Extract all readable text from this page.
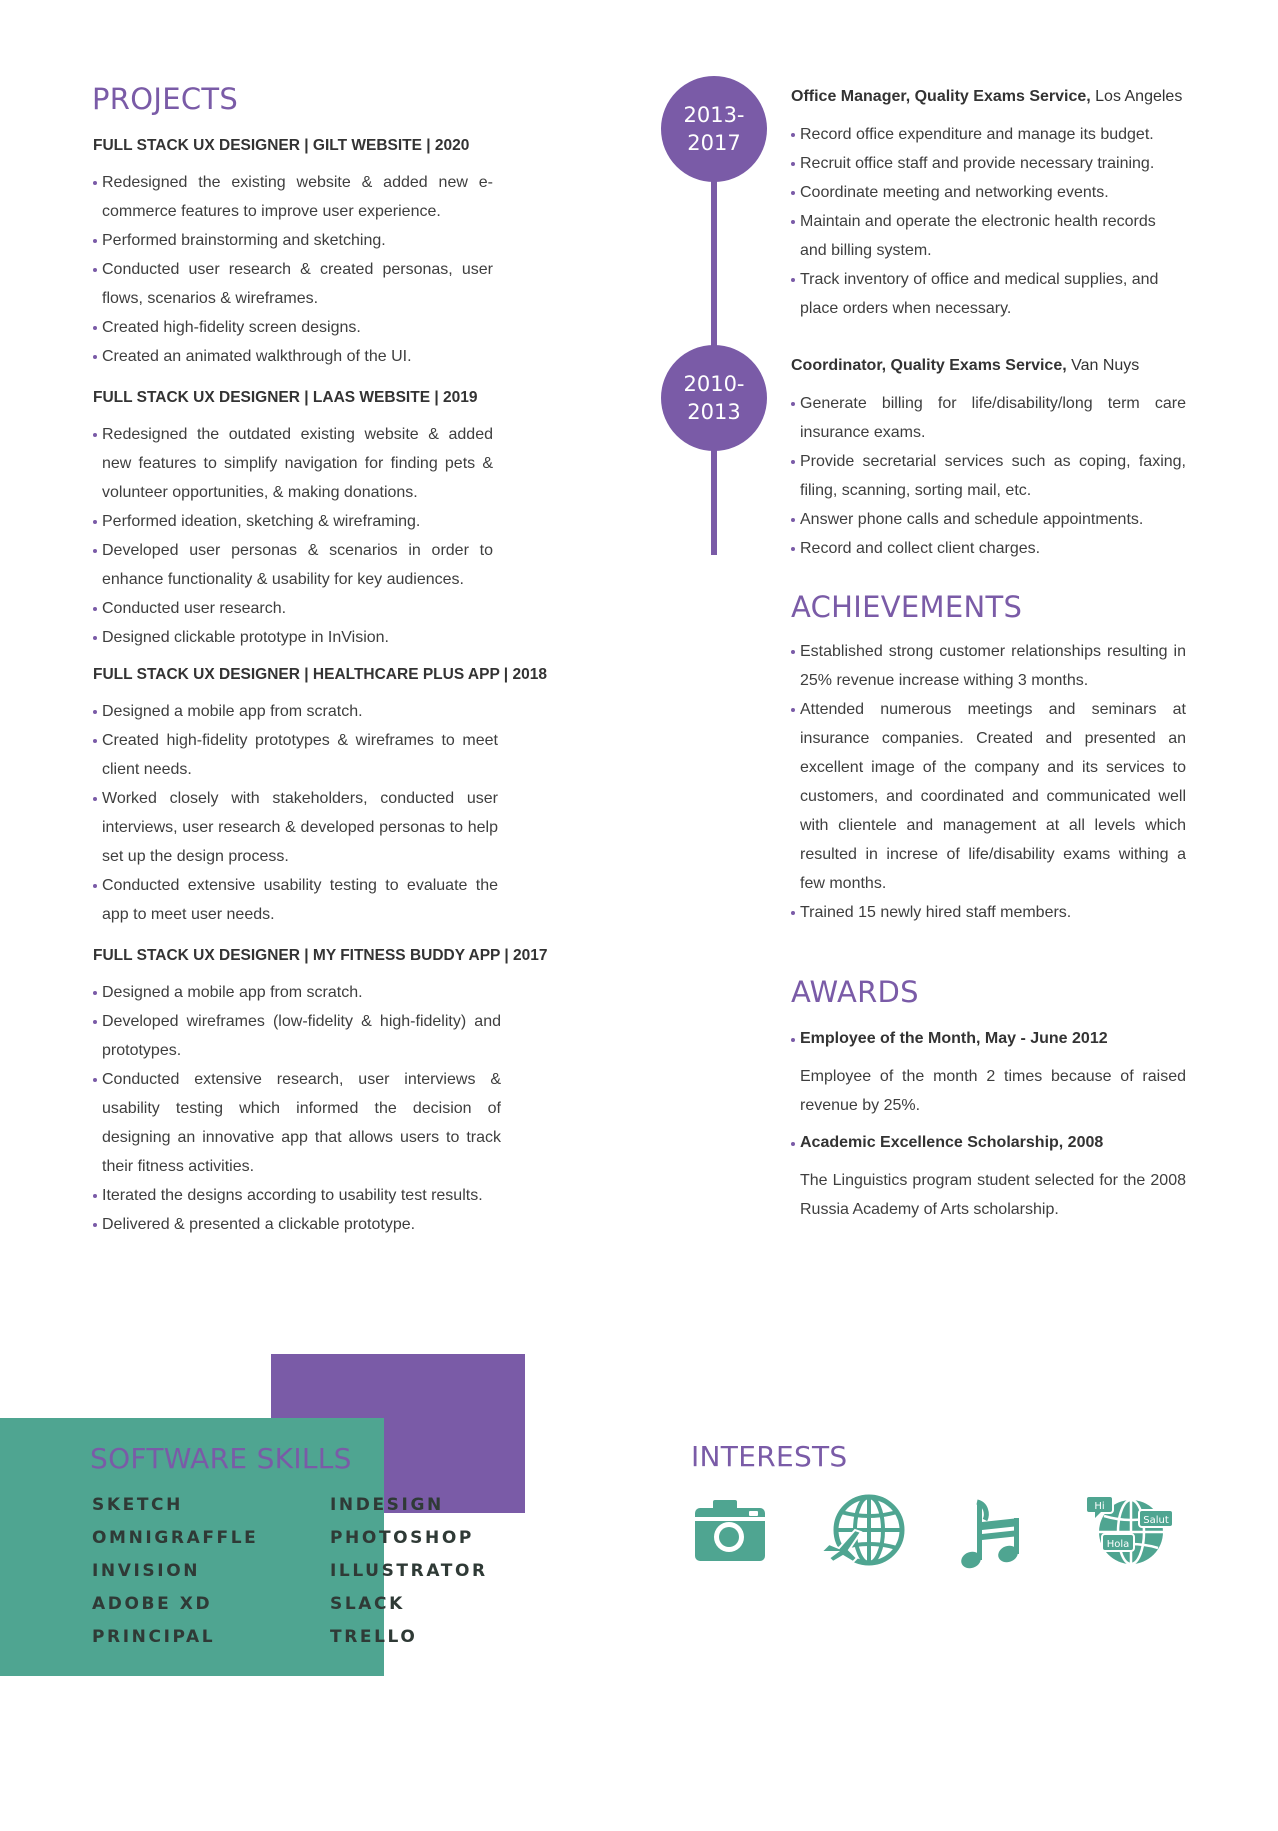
PROJECTS
FULL STACK UX DESIGNER | GILT WEBSITE | 2020
Redesigned the existing website & added new e-commerce features to improve user experience.
Performed brainstorming and sketching.
Conducted user research & created personas, user flows, scenarios & wireframes.
Created high-fidelity screen designs.
Created an animated walkthrough of the UI.
FULL STACK UX DESIGNER | LAAS WEBSITE | 2019
Redesigned the outdated existing website & added new features to simplify navigation for finding pets & volunteer opportunities, & making donations.
Performed ideation, sketching & wireframing.
Developed user personas & scenarios in order to enhance functionality & usability for key audiences.
Conducted user research.
Designed clickable prototype in InVision.
FULL STACK UX DESIGNER | HEALTHCARE PLUS APP | 2018
Designed a mobile app from scratch.
Created high-fidelity prototypes & wireframes to meet client needs.
Worked closely with stakeholders, conducted user interviews, user research & developed personas to help set up the design process.
Conducted extensive usability testing to evaluate the app to meet user needs.
FULL STACK UX DESIGNER | MY FITNESS BUDDY APP | 2017
Designed a mobile app from scratch.
Developed wireframes (low-fidelity & high-fidelity) and prototypes.
Conducted extensive research, user interviews & usability testing which informed the decision of designing an innovative app that allows users to track their fitness activities.
Iterated the designs according to usability test results.
Delivered & presented a clickable prototype.
2013-
2017
2010-
2013
Office Manager, Quality Exams Service, Los Angeles
Record office expenditure and manage its budget.
Recruit office staff and provide necessary training.
Coordinate meeting and networking events.
Maintain and operate the electronic health records and billing system.
Track inventory of office and medical supplies, and place orders when necessary.
Coordinator, Quality Exams Service, Van Nuys
Generate billing for life/disability/long term care insurance exams.
Provide secretarial services such as coping, faxing, filing, scanning, sorting mail, etc.
Answer phone calls and schedule appointments.
Record and collect client charges.
ACHIEVEMENTS
Established strong customer relationships resulting in 25% revenue increase withing 3 months.
Attended numerous meetings and seminars at insurance companies. Created and presented an excellent image of the company and its services to customers, and coordinated and communicated well with clientele and management at all levels which resulted in increse of life/disability exams withing a few months.
Trained 15 newly hired staff members.
AWARDS
Employee of the Month, May - June 2012
Employee of the month 2 times because of raised revenue by 25%.
Academic Excellence Scholarship, 2008
The Linguistics program student selected for the 2008 Russia Academy of Arts scholarship.
SOFTWARE SKILLS
SKETCH
OMNIGRAFFLE
INVISION
ADOBE XD
PRINCIPAL
INDESIGN
PHOTOSHOP
ILLUSTRATOR
SLACK
TRELLO
INTERESTS
Hi
Salut
Hola
